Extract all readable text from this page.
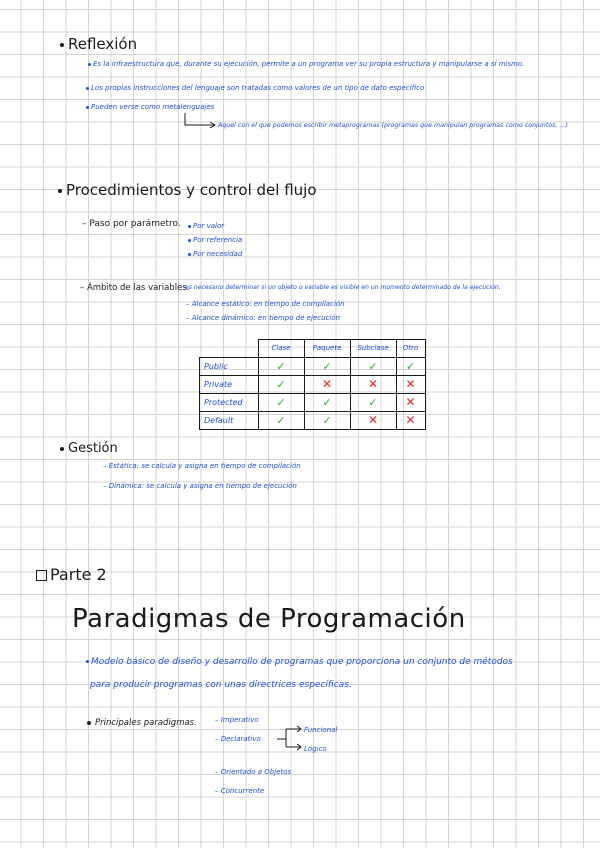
Reflexión
Es la infraestructura que, durante su ejecución, permite a un programa ver su propia estructura y manipularse a sí mismo.
Los propias instrucciones del lenguaje son tratadas como valores de un tipo de dato específico
Pueden verse como metalenguajes
Aquel con el que podemos escribir metaprogramas (programas que manipulan programas como conjuntos, ...)
Procedimientos y control del flujo
– Paso por parámetro.	Por valor
Por referencia
Por necesidad
– Ámbito de las variables.
es necesario determinar si un objeto o variable es visible en un momento determinado de la ejecución.
– Alcance estático: en tiempo de compilación
– Alcance dinámico: en tiempo de ejecución
	Clase	Paquete	Subclase	Otro
Public	✓	✓	✓	✓
Private	✓	✕	✕	✕
Protected	✓	✓	✓	✕
Default	✓	✓	✕	✕
Gestión
– Estática: se calcula y asigna en tiempo de compilación
– Dinámica: se calcula y asigna en tiempo de ejecución
Parte 2
Paradigmas de Programación
Modelo básico de diseño y desarrollo de programas que proporciona un conjunto de métodos
para producir programas con unas directrices específicas.
Principales paradigmas.	– Imperativo
– Declarativo
Funcional
Lógico
– Orientado a Objetos
– Concurrente
